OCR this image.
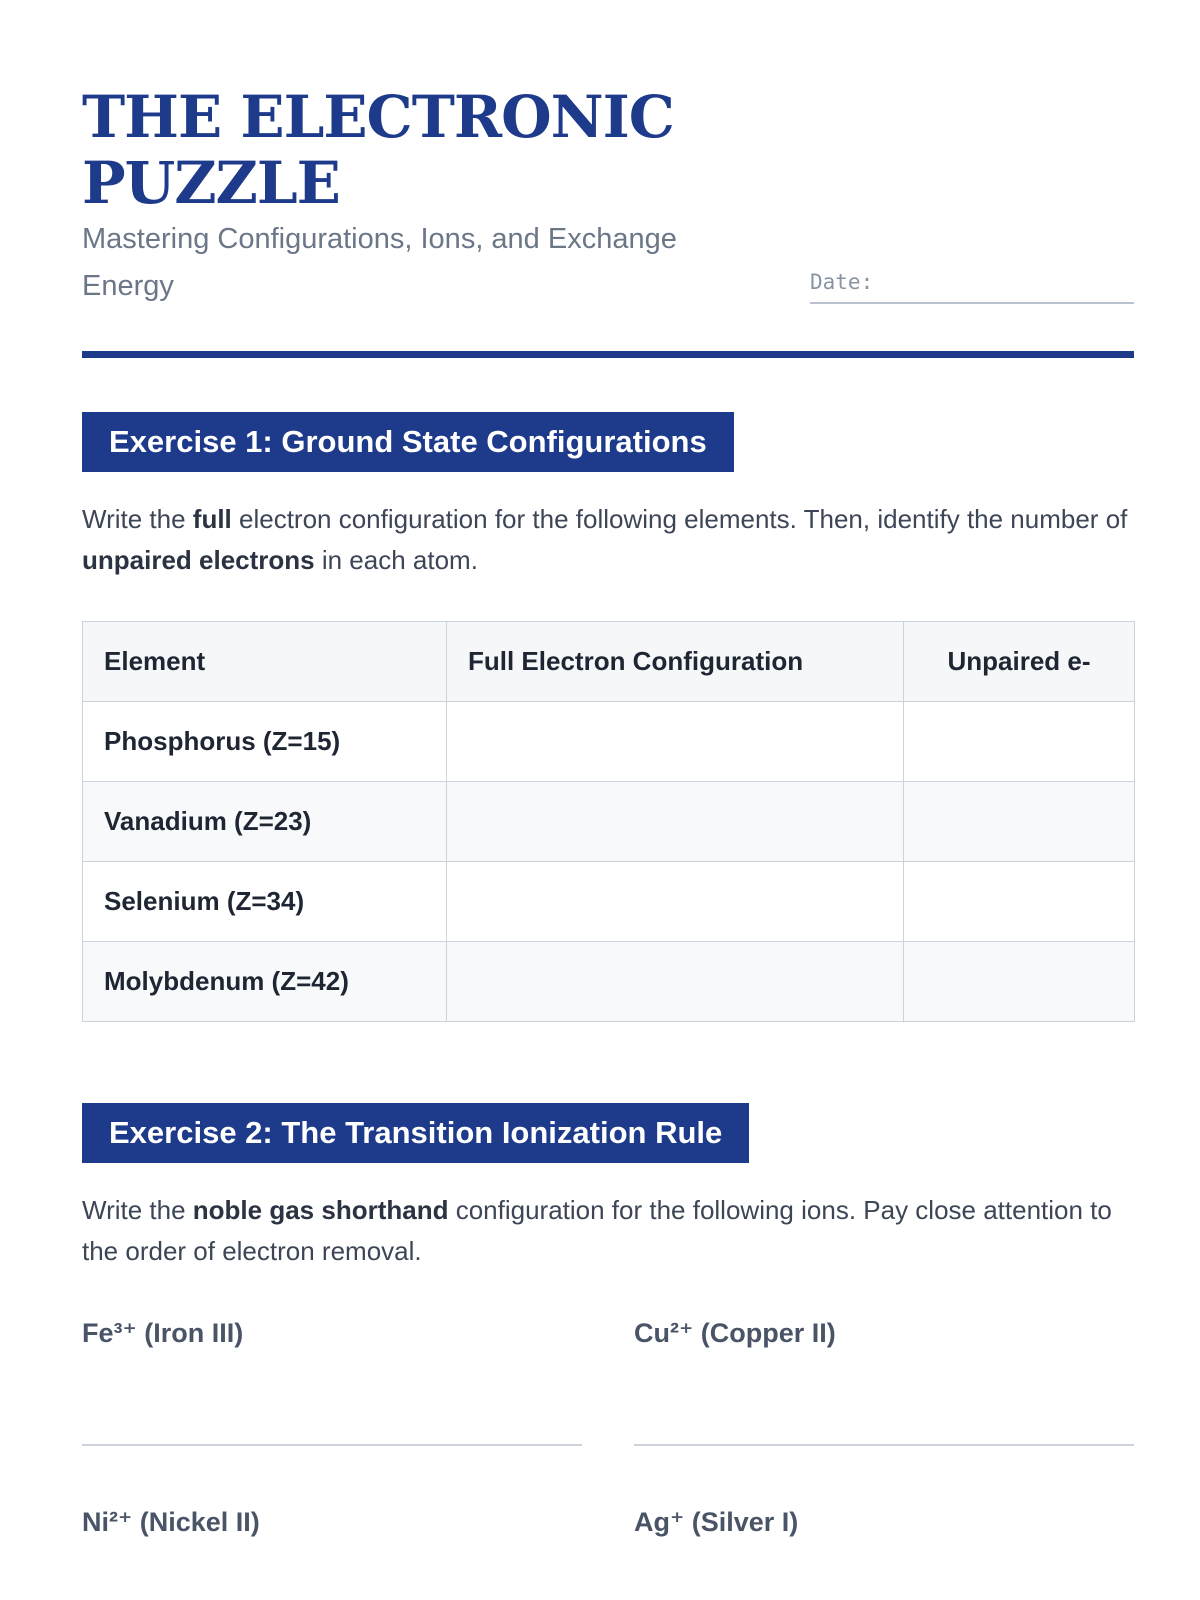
THE ELECTRONIC
PUZZLE
Mastering Configurations, Ions, and Exchange Energy	Date:
Exercise 1: Ground State Configurations
Write the full electron configuration for the following elements. Then, identify the number of unpaired electrons in each atom.
Element	Full Electron Configuration	Unpaired e-
Phosphorus (Z=15)		
Vanadium (Z=23)		
Selenium (Z=34)		
Molybdenum (Z=42)		
Exercise 2: The Transition Ionization Rule
Write the noble gas shorthand configuration for the following ions. Pay close attention to the order of electron removal.
Fe³⁺ (Iron III)	Cu²⁺ (Copper II)
Ni²⁺ (Nickel II)	Ag⁺ (Silver I)
